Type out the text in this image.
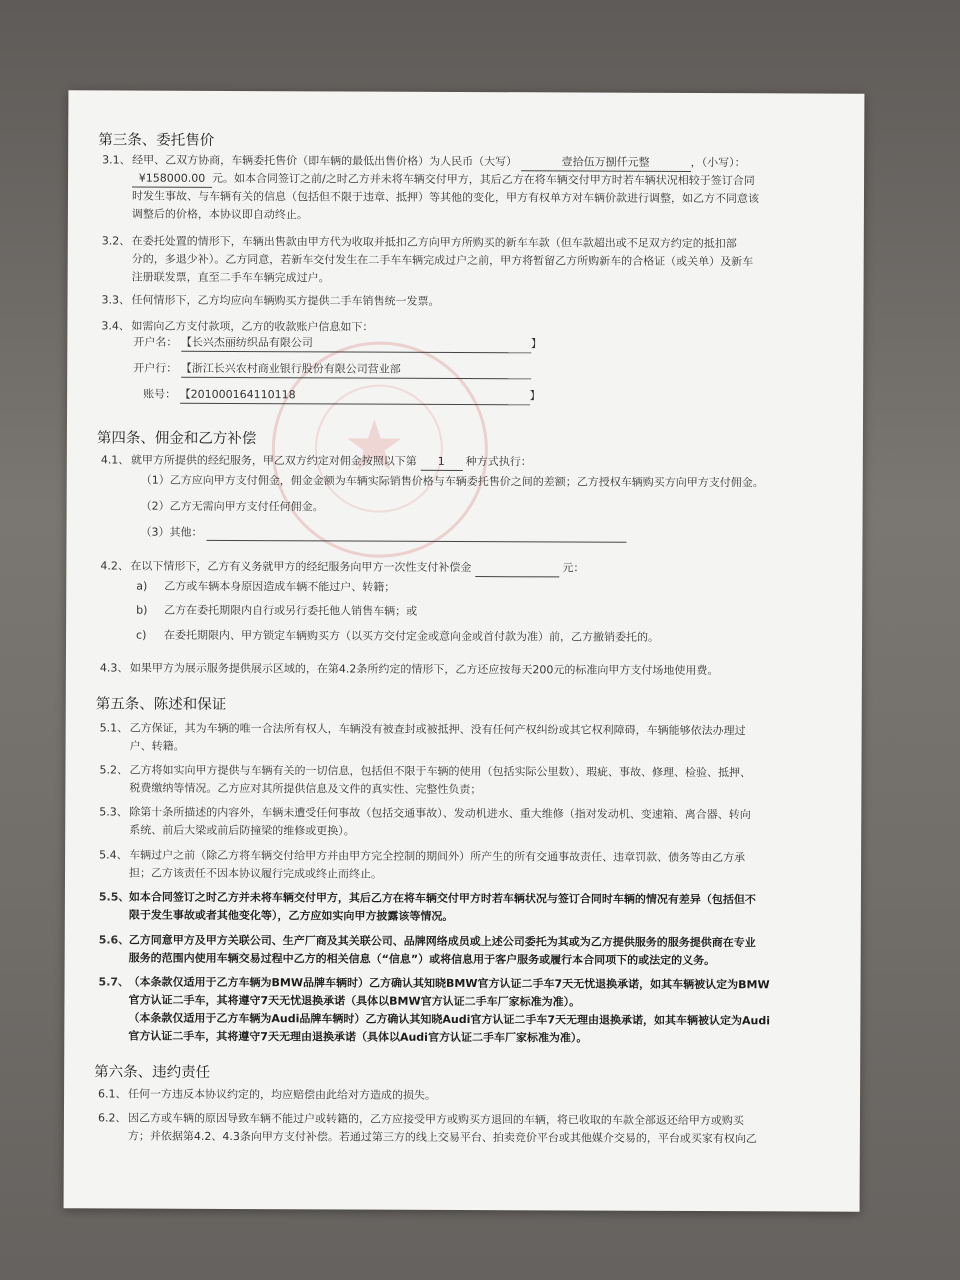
★
第三条、委托售价
3.1、 经甲、乙双方协商，车辆委托售价（即车辆的最低出售价格）为人民币（大写）	壹拾伍万捌仟元整	，（小写）：
¥158000.00 元。如本合同签订之前/之时乙方并未将车辆交付甲方，其后乙方在将车辆交付甲方时若车辆状况相较于签订合同
时发生事故、与车辆有关的信息（包括但不限于违章、抵押）等其他的变化，甲方有权单方对车辆价款进行调整，如乙方不同意该
调整后的价格，本协议即自动终止。
3.2、 在委托处置的情形下，车辆出售款由甲方代为收取并抵扣乙方向甲方所购买的新车车款（但车款超出或不足双方约定的抵扣部
分的，多退少补）。乙方同意，若新车交付发生在二手车车辆完成过户之前，甲方将暂留乙方所购新车的合格证（或关单）及新车
注册联发票，直至二手车车辆完成过户。
3.3、 任何情形下，乙方均应向车辆购买方提供二手车销售统一发票。
3.4、 如需向乙方支付款项，乙方的收款账户信息如下：
开户名： 【长兴杰丽纺织品有限公司	】
开户行： 【浙江长兴农村商业银行股份有限公司营业部
账号： 【201000164110118	】
第四条、佣金和乙方补偿
4.1、 就甲方所提供的经纪服务，甲乙双方约定对佣金按照以下第 1 种方式执行：
（1）乙方应向甲方支付佣金，佣金金额为车辆实际销售价格与车辆委托售价之间的差额；乙方授权车辆购买方向甲方支付佣金。
（2）乙方无需向甲方支付任何佣金。
（3）其他：
4.2、 在以下情形下，乙方有义务就甲方的经纪服务向甲方一次性支付补偿金	元：
a) 乙方或车辆本身原因造成车辆不能过户、转籍；
b) 乙方在委托期限内自行或另行委托他人销售车辆；或
c) 在委托期限内、甲方锁定车辆购买方（以买方交付定金或意向金或首付款为准）前，乙方撤销委托的。
4.3、 如果甲方为展示服务提供展示区域的，在第4.2条所约定的情形下，乙方还应按每天200元的标准向甲方支付场地使用费。
第五条、陈述和保证
5.1、 乙方保证，其为车辆的唯一合法所有权人，车辆没有被查封或被抵押、没有任何产权纠纷或其它权利障碍，车辆能够依法办理过
户、转籍。
5.2、 乙方将如实向甲方提供与车辆有关的一切信息，包括但不限于车辆的使用（包括实际公里数）、瑕疵、事故、修理、检验、抵押、
税费缴纳等情况。乙方应对其所提供信息及文件的真实性、完整性负责；
5.3、 除第十条所描述的内容外，车辆未遭受任何事故（包括交通事故）、发动机进水、重大维修（指对发动机、变速箱、离合器、转向
系统、前后大梁或前后防撞梁的维修或更换）。
5.4、 车辆过户之前（除乙方将车辆交付给甲方并由甲方完全控制的期间外）所产生的所有交通事故责任、违章罚款、债务等由乙方承
担；乙方该责任不因本协议履行完成或终止而终止。
5.5、 如本合同签订之时乙方并未将车辆交付甲方，其后乙方在将车辆交付甲方时若车辆状况与签订合同时车辆的情况有差异（包括但不
限于发生事故或者其他变化等），乙方应如实向甲方披露该等情况。
5.6、 乙方同意甲方及甲方关联公司、生产厂商及其关联公司、品牌网络成员或上述公司委托为其或为乙方提供服务的服务提供商在专业
服务的范围内使用车辆交易过程中乙方的相关信息（“信息”）或将信息用于客户服务或履行本合同项下的或法定的义务。
5.7、 （本条款仅适用于乙方车辆为BMW品牌车辆时）乙方确认其知晓BMW官方认证二手车7天无忧退换承诺，如其车辆被认定为BMW
官方认证二手车，其将遵守7天无忧退换承诺（具体以BMW官方认证二手车厂家标准为准）。
（本条款仅适用于乙方车辆为Audi品牌车辆时）乙方确认其知晓Audi官方认证二手车7天无理由退换承诺，如其车辆被认定为Audi
官方认证二手车，其将遵守7天无理由退换承诺（具体以Audi官方认证二手车厂家标准为准）。
第六条、违约责任
6.1、 任何一方违反本协议约定的，均应赔偿由此给对方造成的损失。
6.2、 因乙方或车辆的原因导致车辆不能过户或转籍的，乙方应接受甲方或购买方退回的车辆，将已收取的车款全部返还给甲方或购买
方；并依据第4.2、4.3条向甲方支付补偿。若通过第三方的线上交易平台、拍卖竞价平台或其他媒介交易的，平台或买家有权向乙
